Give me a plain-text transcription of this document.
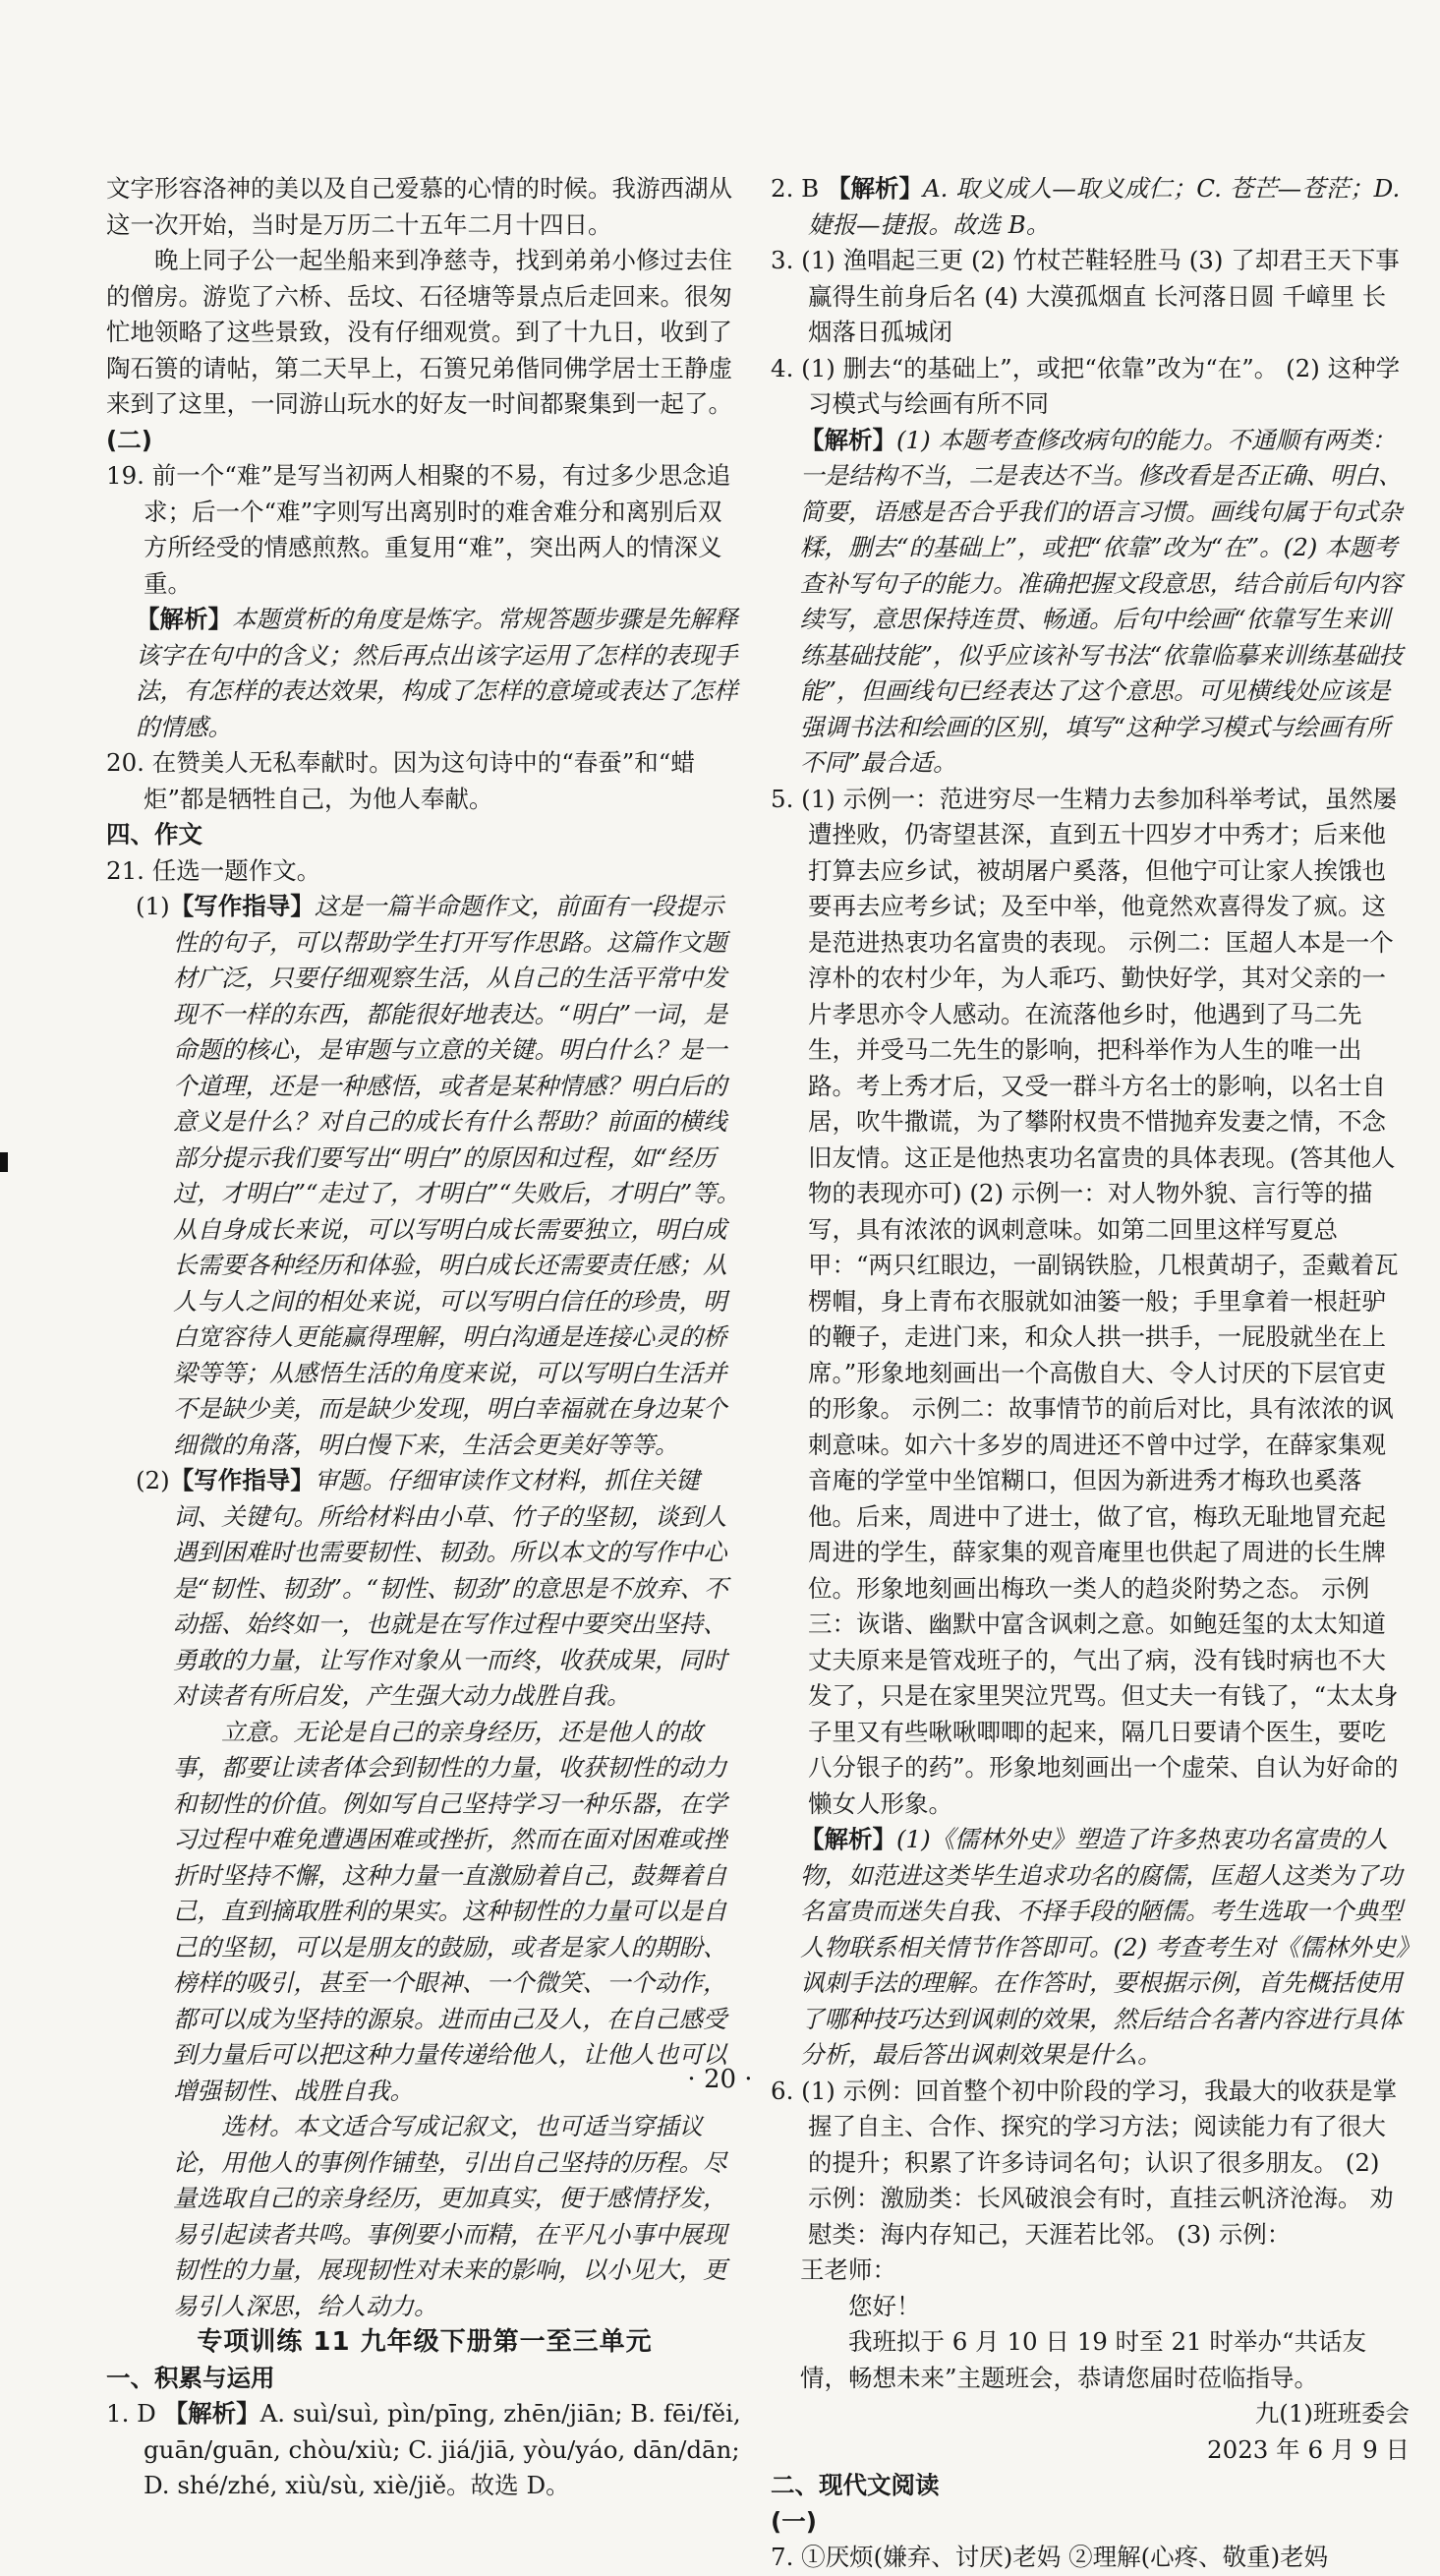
文字形容洛神的美以及自己爱慕的心情的时候。我游西湖从这一次开始，当时是万历二十五年二月十四日。

晚上同子公一起坐船来到净慈寺，找到弟弟小修过去住的僧房。游览了六桥、岳坟、石径塘等景点后走回来。很匆忙地领略了这些景致，没有仔细观赏。到了十九日，收到了陶石篑的请帖，第二天早上，石篑兄弟偕同佛学居士王静虚来到了这里，一同游山玩水的好友一时间都聚集到一起了。

(二)

19. 前一个“难”是写当初两人相聚的不易，有过多少思念追求；后一个“难”字则写出离别时的难舍难分和离别后双方所经受的情感煎熬。重复用“难”，突出两人的情深义重。

【解析】本题赏析的角度是炼字。常规答题步骤是先解释该字在句中的含义；然后再点出该字运用了怎样的表现手法，有怎样的表达效果，构成了怎样的意境或表达了怎样的情感。

20. 在赞美人无私奉献时。因为这句诗中的“春蚕”和“蜡炬”都是牺牲自己，为他人奉献。

四、作文

21. 任选一题作文。

(1)【写作指导】这是一篇半命题作文，前面有一段提示性的句子，可以帮助学生打开写作思路。这篇作文题材广泛，只要仔细观察生活，从自己的生活平常中发现不一样的东西，都能很好地表达。“明白”一词，是命题的核心，是审题与立意的关键。明白什么？是一个道理，还是一种感悟，或者是某种情感？明白后的意义是什么？对自己的成长有什么帮助？前面的横线部分提示我们要写出“明白”的原因和过程，如“经历过，才明白”“走过了，才明白”“失败后，才明白”等。从自身成长来说，可以写明白成长需要独立，明白成长需要各种经历和体验，明白成长还需要责任感；从人与人之间的相处来说，可以写明白信任的珍贵，明白宽容待人更能赢得理解，明白沟通是连接心灵的桥梁等等；从感悟生活的角度来说，可以写明白生活并不是缺少美，而是缺少发现，明白幸福就在身边某个细微的角落，明白慢下来，生活会更美好等等。

(2)【写作指导】审题。仔细审读作文材料，抓住关键词、关键句。所给材料由小草、竹子的坚韧，谈到人遇到困难时也需要韧性、韧劲。所以本文的写作中心是“韧性、韧劲”。“韧性、韧劲”的意思是不放弃、不动摇、始终如一，也就是在写作过程中要突出坚持、勇敢的力量，让写作对象从一而终，收获成果，同时对读者有所启发，产生强大动力战胜自我。

立意。无论是自己的亲身经历，还是他人的故事，都要让读者体会到韧性的力量，收获韧性的动力和韧性的价值。例如写自己坚持学习一种乐器，在学习过程中难免遭遇困难或挫折，然而在面对困难或挫折时坚持不懈，这种力量一直激励着自己，鼓舞着自己，直到摘取胜利的果实。这种韧性的力量可以是自己的坚韧，可以是朋友的鼓励，或者是家人的期盼、榜样的吸引，甚至一个眼神、一个微笑、一个动作，都可以成为坚持的源泉。进而由己及人，在自己感受到力量后可以把这种力量传递给他人，让他人也可以增强韧性、战胜自我。

选材。本文适合写成记叙文，也可适当穿插议论，用他人的事例作铺垫，引出自己坚持的历程。尽量选取自己的亲身经历，更加真实，便于感情抒发，易引起读者共鸣。事例要小而精，在平凡小事中展现韧性的力量，展现韧性对未来的影响，以小见大，更易引人深思，给人动力。

专项训练 11 九年级下册第一至三单元

一、积累与运用

1. D 【解析】A. suì/suì, pìn/pīng, zhēn/jiān; B. fēi/fěi, guān/guān, chòu/xiù; C. jiá/jiā, yòu/yáo, dān/dān; D. shé/zhé, xiù/sù, xiè/jiě。故选 D。

2. B 【解析】A. 取义成人—取义成仁；C. 苍芒—苍茫；D. 婕报—捷报。故选 B。

3. (1) 渔唱起三更 (2) 竹杖芒鞋轻胜马 (3) 了却君王天下事 赢得生前身后名 (4) 大漠孤烟直 长河落日圆 千嶂里 长烟落日孤城闭

4. (1) 删去“的基础上”，或把“依靠”改为“在”。 (2) 这种学习模式与绘画有所不同

【解析】(1) 本题考查修改病句的能力。不通顺有两类：一是结构不当，二是表达不当。修改看是否正确、明白、简要，语感是否合乎我们的语言习惯。画线句属于句式杂糅，删去“的基础上”，或把“依靠”改为“在”。(2) 本题考查补写句子的能力。准确把握文段意思，结合前后句内容续写，意思保持连贯、畅通。后句中绘画“依靠写生来训练基础技能”，似乎应该补写书法“依靠临摹来训练基础技能”，但画线句已经表达了这个意思。可见横线处应该是强调书法和绘画的区别，填写“这种学习模式与绘画有所不同”最合适。

5. (1) 示例一：范进穷尽一生精力去参加科举考试，虽然屡遭挫败，仍寄望甚深，直到五十四岁才中秀才；后来他打算去应乡试，被胡屠户奚落，但他宁可让家人挨饿也要再去应考乡试；及至中举，他竟然欢喜得发了疯。这是范进热衷功名富贵的表现。 示例二：匡超人本是一个淳朴的农村少年，为人乖巧、勤快好学，其对父亲的一片孝思亦令人感动。在流落他乡时，他遇到了马二先生，并受马二先生的影响，把科举作为人生的唯一出路。考上秀才后，又受一群斗方名士的影响，以名士自居，吹牛撒谎，为了攀附权贵不惜抛弃发妻之情，不念旧友情。这正是他热衷功名富贵的具体表现。(答其他人物的表现亦可) (2) 示例一：对人物外貌、言行等的描写，具有浓浓的讽刺意味。如第二回里这样写夏总甲：“两只红眼边，一副锅铁脸，几根黄胡子，歪戴着瓦楞帽，身上青布衣服就如油篓一般；手里拿着一根赶驴的鞭子，走进门来，和众人拱一拱手，一屁股就坐在上席。”形象地刻画出一个高傲自大、令人讨厌的下层官吏的形象。 示例二：故事情节的前后对比，具有浓浓的讽刺意味。如六十多岁的周进还不曾中过学，在薛家集观音庵的学堂中坐馆糊口，但因为新进秀才梅玖也奚落他。后来，周进中了进士，做了官，梅玖无耻地冒充起周进的学生，薛家集的观音庵里也供起了周进的长生牌位。形象地刻画出梅玖一类人的趋炎附势之态。 示例三：诙谐、幽默中富含讽刺之意。如鲍廷玺的太太知道丈夫原来是管戏班子的，气出了病，没有钱时病也不大发了，只是在家里哭泣咒骂。但丈夫一有钱了，“太太身子里又有些啾啾唧唧的起来，隔几日要请个医生，要吃八分银子的药”。形象地刻画出一个虚荣、自认为好命的懒女人形象。

【解析】(1)《儒林外史》塑造了许多热衷功名富贵的人物，如范进这类毕生追求功名的腐儒，匡超人这类为了功名富贵而迷失自我、不择手段的陋儒。考生选取一个典型人物联系相关情节作答即可。(2) 考查考生对《儒林外史》讽刺手法的理解。在作答时，要根据示例，首先概括使用了哪种技巧达到讽刺的效果，然后结合名著内容进行具体分析，最后答出讽刺效果是什么。

6. (1) 示例：回首整个初中阶段的学习，我最大的收获是掌握了自主、合作、探究的学习方法；阅读能力有了很大的提升；积累了许多诗词名句；认识了很多朋友。 (2) 示例：激励类：长风破浪会有时，直挂云帆济沧海。 劝慰类：海内存知己，天涯若比邻。 (3) 示例：

王老师：

您好！

我班拟于 6 月 10 日 19 时至 21 时举办“共话友情，畅想未来”主题班会，恭请您届时莅临指导。

九(1)班班委会

2023 年 6 月 9 日

二、现代文阅读

(一)

7. ①厌烦(嫌弃、讨厌)老妈 ②理解(心疼、敬重)老妈

· 20 ·
